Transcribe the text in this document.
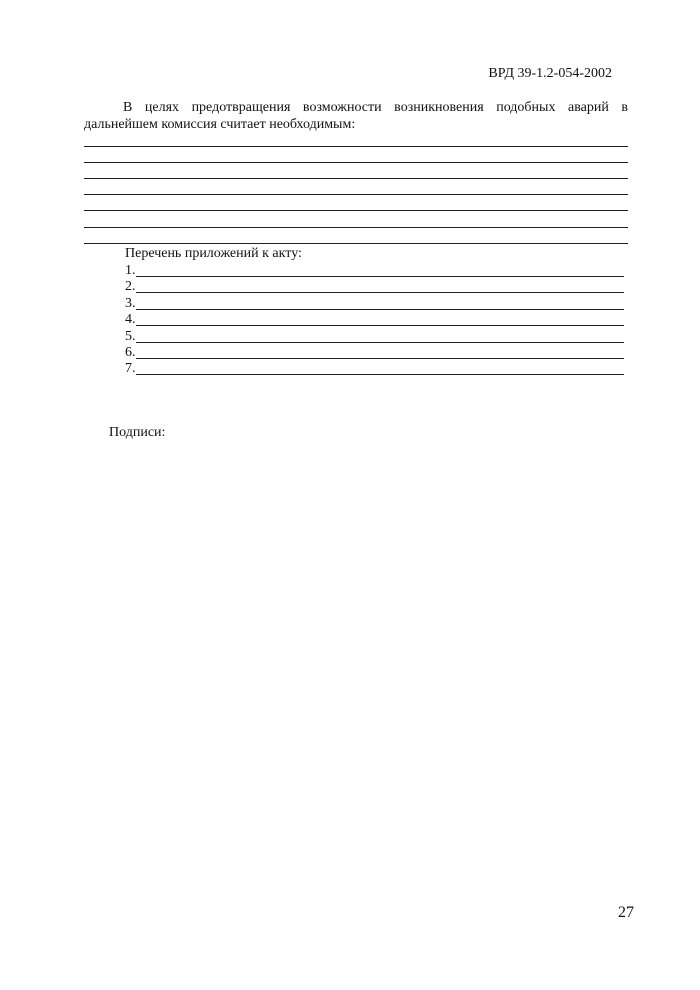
ВРД 39-1.2-054-2002

В целях предотвращения возможности возникновения подобных аварий в дальнейшем комиссия считает необходимым:

Перечень приложений к акту:
1.
2.
3.
4.
5.
6.
7.
Подписи:
27
